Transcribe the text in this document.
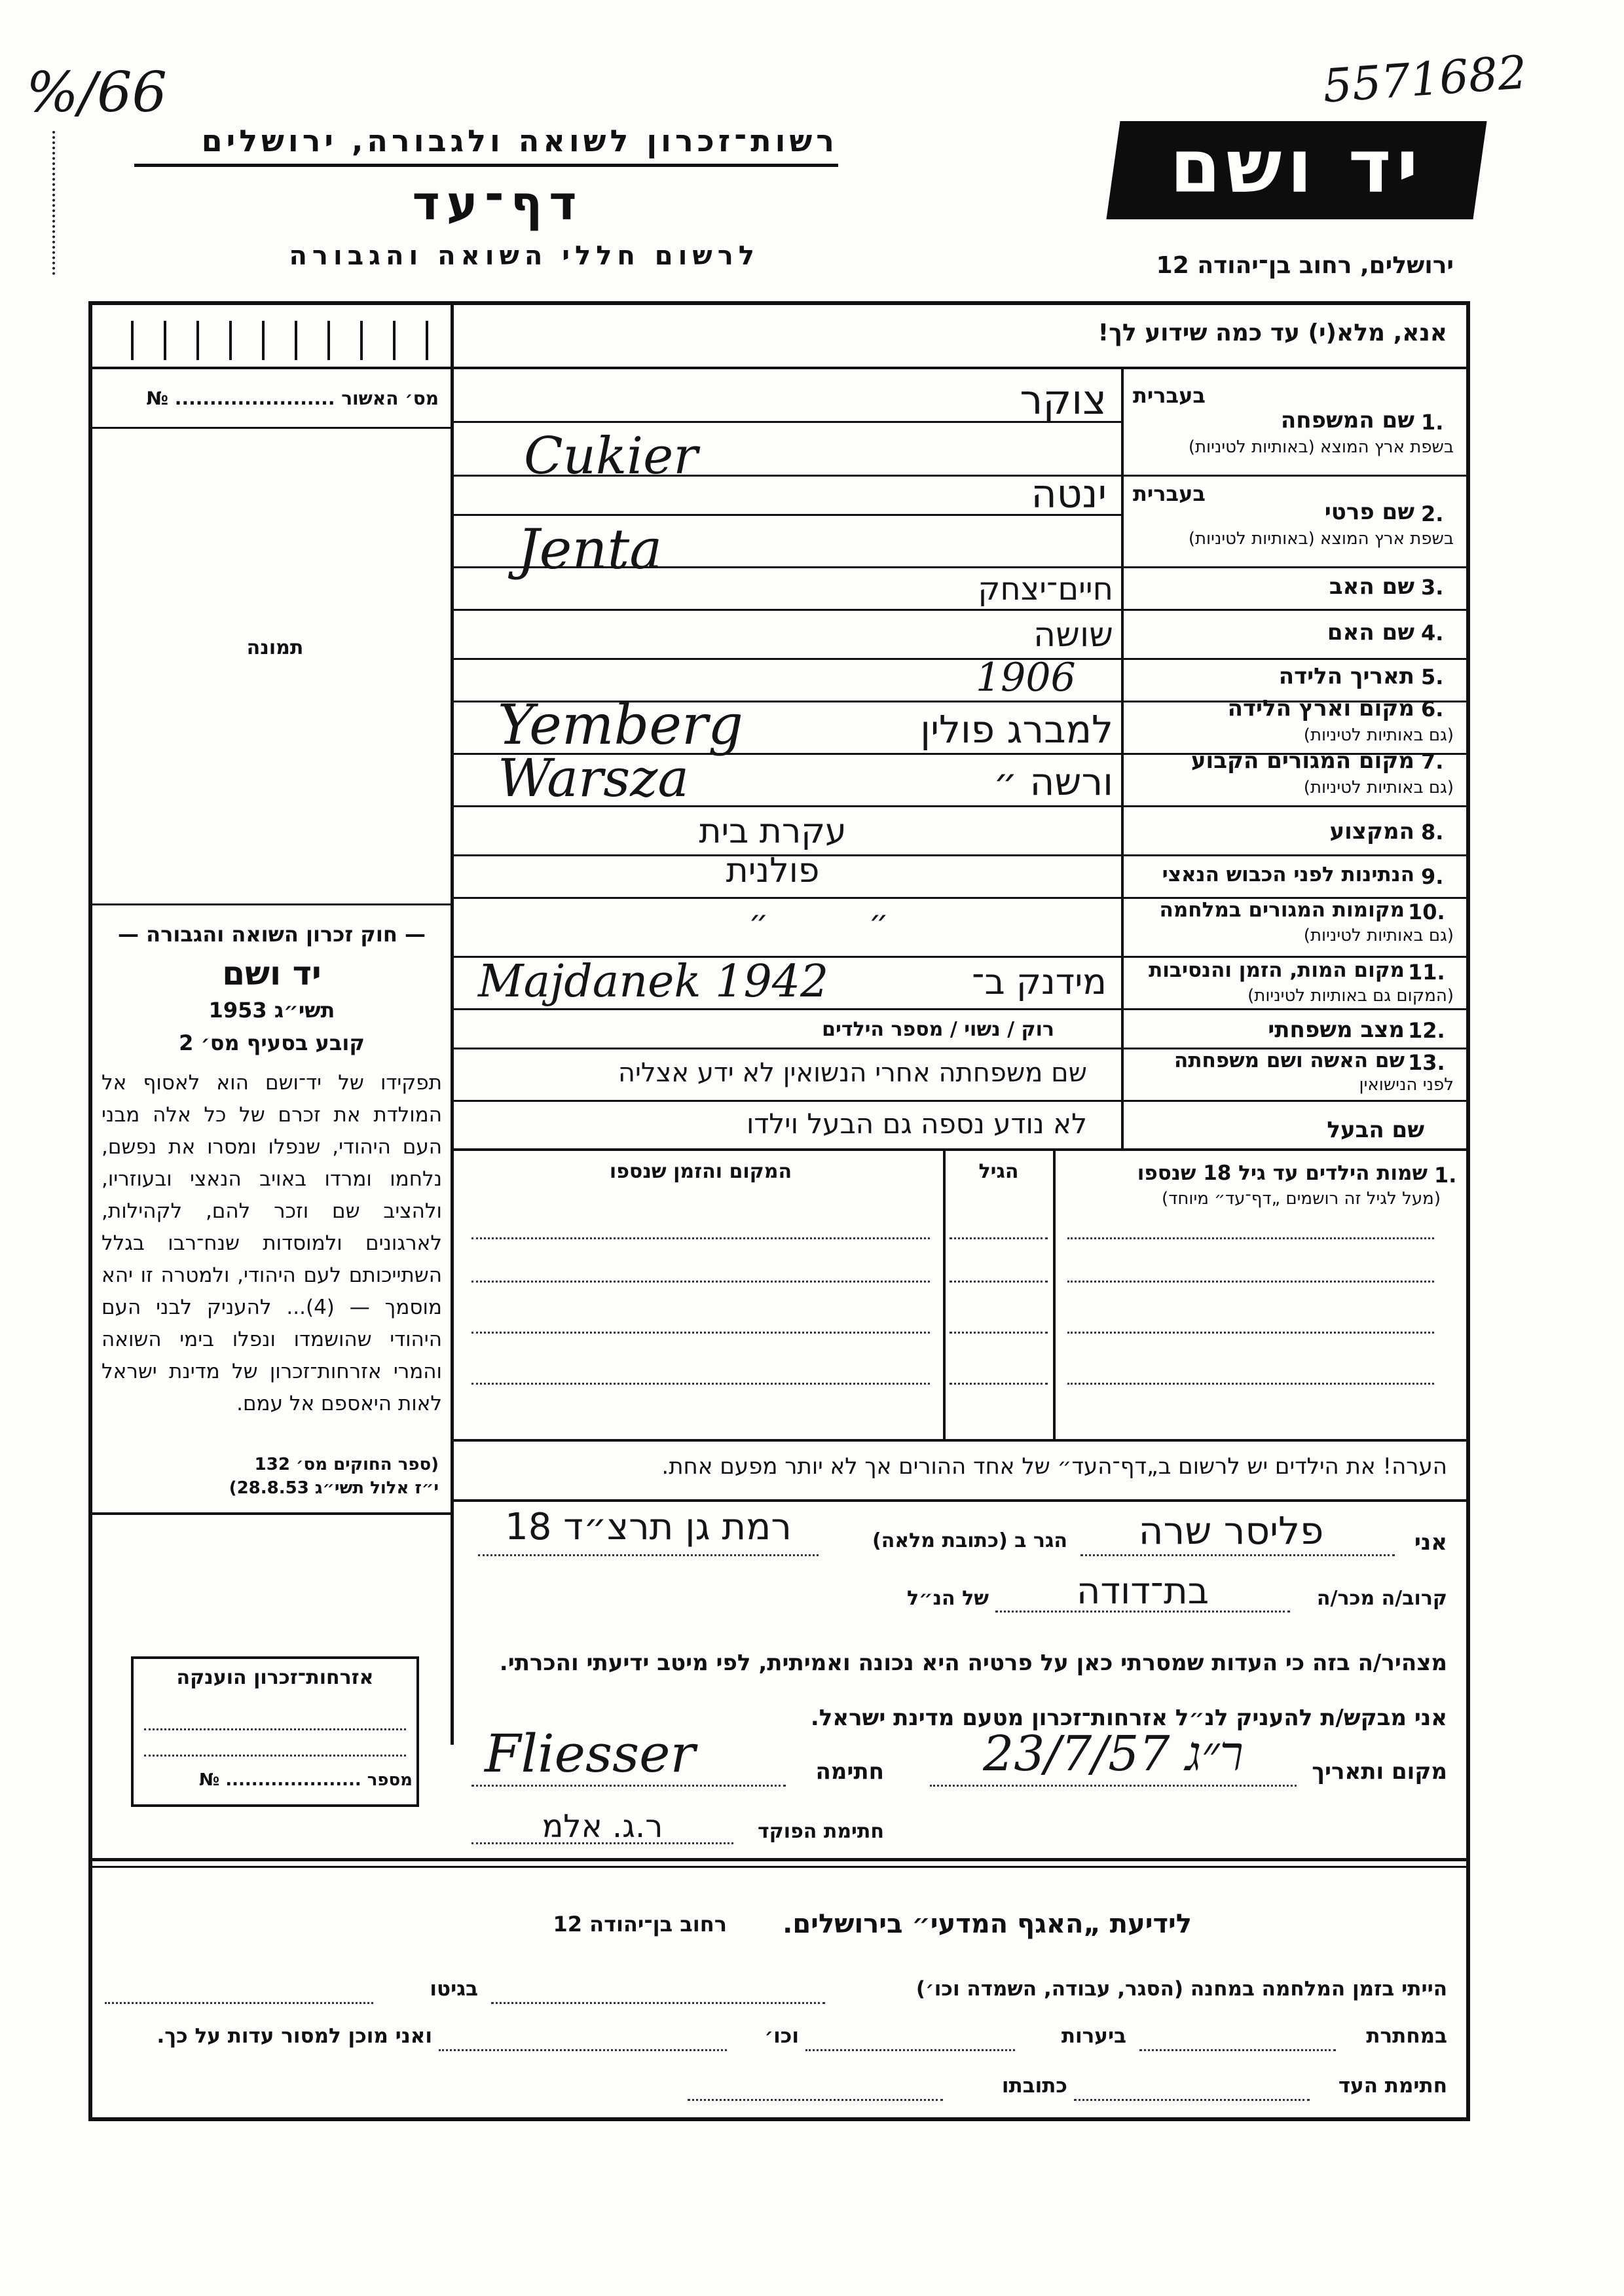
%/66	5571682
רשות־זכרון לשואה ולגבורה, ירושלים
דף־עד
לרשום חללי השואה והגבורה
יד ושם
ירושלים, רחוב בן־יהודה 12
אנא, מלא(י) עד כמה שידוע לך!
מס׳ האשור ....................... №
תמונה
בעברית
1.
שם המשפחה
בשפת ארץ המוצא (באותיות לטיניות)
צוקר
Cukier
בעברית
2.
שם פרטי
בשפת ארץ המוצא (באותיות לטיניות)
ינטה
Jenta
3.
שם האב
חיים־יצחק
4.
שם האם
שושה
5.
תאריך הלידה
1906
6.
מקום וארץ הלידה
(גם באותיות לטיניות)
Yemberg	למברג פולין
7.
מקום המגורים הקבוע
(גם באותיות לטיניות)
Warsza	ורשה ״
8.
המקצוע
עקרת בית
9.
הנתינות לפני הכבוש הנאצי
פולנית
10.
מקומות המגורים במלחמה
(גם באותיות לטיניות)
״          ״
11.
מקום המות, הזמן והנסיבות
(המקום גם באותיות לטיניות)
Majdanek 1942	מידנק ב־
12.
מצב משפחתי
רוק / נשוי / מספר הילדים
13.
שם האשה ושם משפחתה
לפני הנישואין
שם משפחתה אחרי הנשואין לא ידע אצליה
שם הבעל
לא נודע נספה גם הבעל וילדו
1.
שמות הילדים עד גיל 18 שנספו
(מעל לגיל זה רושמים „דף־עד״ מיוחד)
הגיל
המקום והזמן שנספו
הערה! את הילדים יש לרשום ב„דף־העד״ של אחד ההורים אך לא יותר מפעם אחת.
— חוק זכרון השואה והגבורה —
יד ושם
תשי״ג 1953
קובע בסעיף מס׳ 2
תפקידו של יד־ושם הוא לאסוף אל המולדת את זכרם של כל אלה מבני העם היהודי, שנפלו ומסרו את נפשם, נלחמו ומרדו באויב הנאצי ובעוזריו, ולהציב שם וזכר להם, לקהילות, לארגונים ולמוסדות שנח־רבו בגלל השתייכותם לעם היהודי, ולמטרה זו יהא מוסמך — (4)... להעניק לבני העם היהודי שהושמדו ונפלו בימי השואה והמרי אזרחות־זכרון של מדינת ישראל לאות היאספם אל עמם.
(ספר החוקים מס׳ 132
י״ז אלול תשי״ג 28.8.53)
אזרחות־זכרון הוענקה
מספר ..................... №
אני
פליסר שרה
הגר ב (כתובת מלאה)
רמת גן תרצ״ד 18
קרוב/ה מכר/ה
בת־דודה
של הנ״ל
מצהיר/ה בזה כי העדות שמסרתי כאן על פרטיה היא נכונה ואמיתית, לפי מיטב ידיעתי והכרתי.
אני מבקש/ת להעניק לנ״ל אזרחות־זכרון מטעם מדינת ישראל.
מקום ותאריך
ר״ג 23/7/57
חתימה
Fliesser
חתימת הפוקד
ר.ג. אלמ
לידיעת „האגף המדעי״ בירושלים.
רחוב בן־יהודה 12
הייתי בזמן המלחמה במחנה (הסגר, עבודה, השמדה וכו׳)
בגיטו
במחתרת
ביערות
וכו׳
ואני מוכן למסור עדות על כך.
חתימת העד
כתובתו
